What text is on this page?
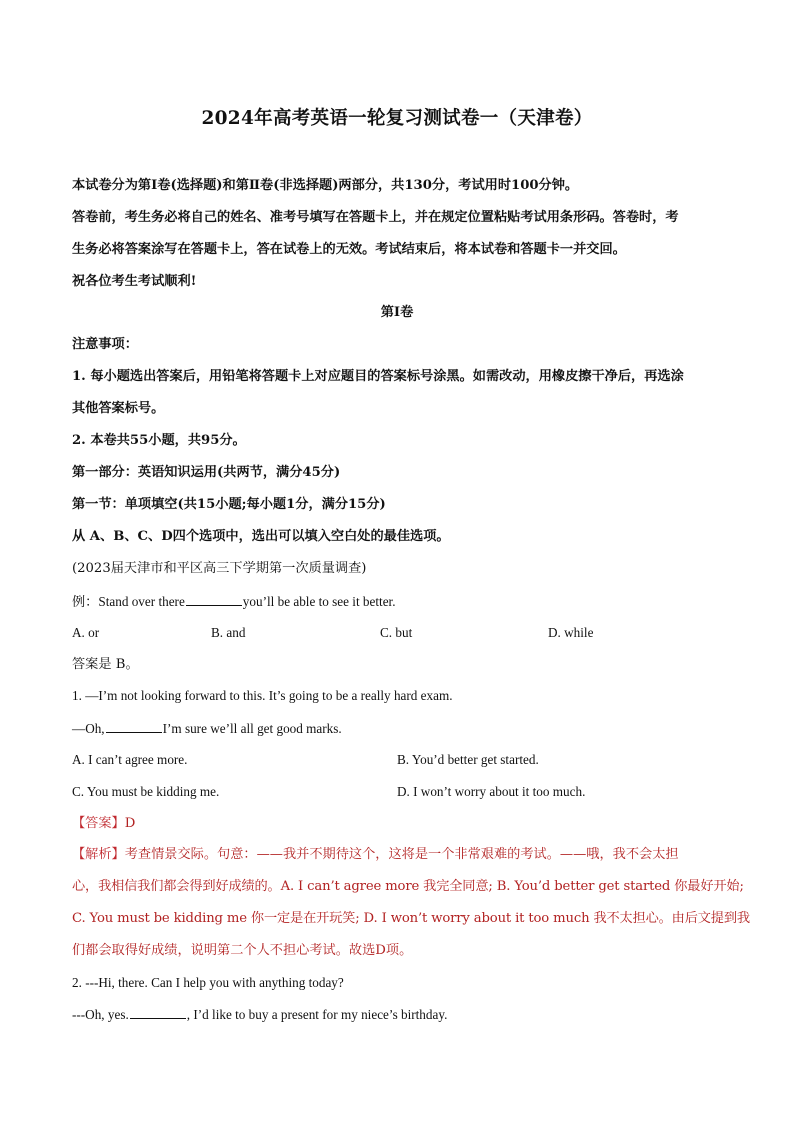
2024年高考英语一轮复习测试卷一（天津卷）
本试卷分为第Ⅰ卷(选择题)和第Ⅱ卷(非选择题)两部分，共130分，考试用时100分钟。
答卷前，考生务必将自己的姓名、准考号填写在答题卡上，并在规定位置粘贴考试用条形码。答卷时，考
生务必将答案涂写在答题卡上，答在试卷上的无效。考试结束后，将本试卷和答题卡一并交回。
祝各位考生考试顺利!
第Ⅰ卷
注意事项：
1. 每小题选出答案后，用铅笔将答题卡上对应题目的答案标号涂黑。如需改动，用橡皮擦干净后，再选涂
其他答案标号。
2. 本卷共55小题，共95分。
第一部分：英语知识运用(共两节，满分45分)
第一节：单项填空(共15小题;每小题1分，满分15分)
从 A、B、C、D四个选项中，选出可以填入空白处的最佳选项。
(2023届天津市和平区高三下学期第一次质量调查)
例：Stand over there	you’ll be able to see it better.
A. or	B. and	C. but	D. while
答案是 B。
1. —I’m not looking forward to this. It’s going to be a really hard exam.
—Oh,	I’m sure we’ll all get good marks.
A. I can’t agree more.	B. You’d better get started.
C. You must be kidding me.	D. I won’t worry about it too much.
【答案】D
【解析】考查情景交际。句意：——我并不期待这个，这将是一个非常艰难的考试。——哦，我不会太担
心，我相信我们都会得到好成绩的。A. I can’t agree more 我完全同意; B. You’d better get started 你最好开始;
C. You must be kidding me 你一定是在开玩笑; D. I won’t worry about it too much 我不太担心。由后文提到我
们都会取得好成绩，说明第二个人不担心考试。故选D项。
2. ---Hi, there. Can I help you with anything today?
---Oh, yes.	, I’d like to buy a present for my niece’s birthday.
